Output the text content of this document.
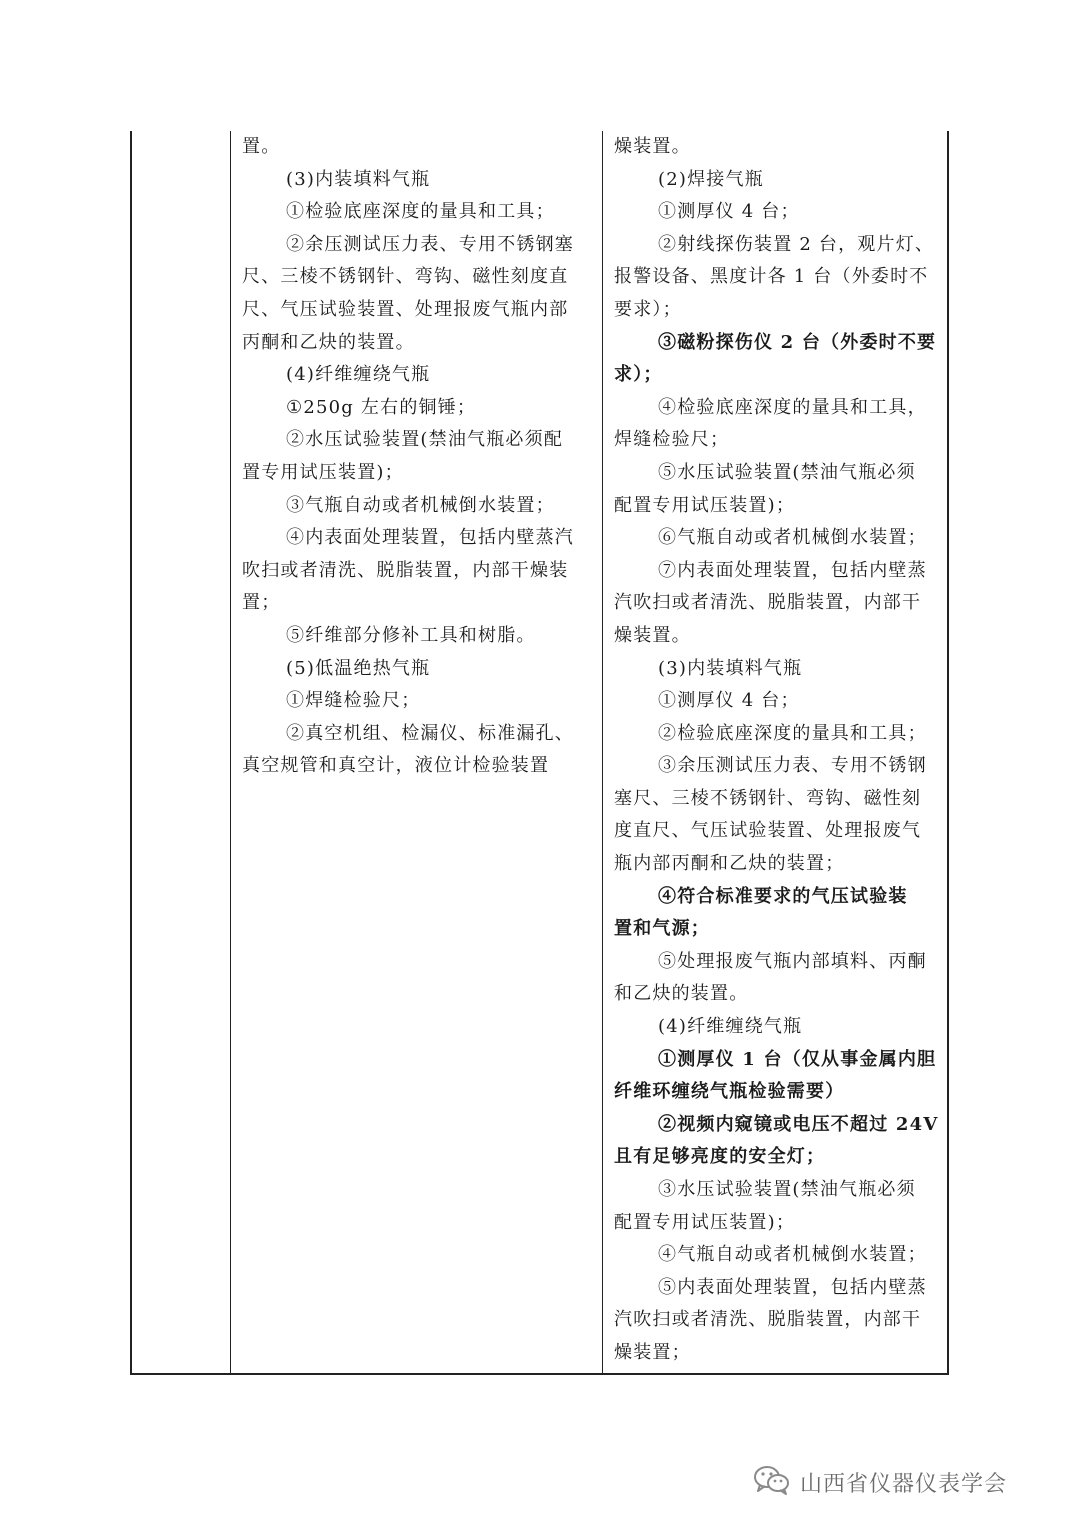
置。
(3)内装填料气瓶
①检验底座深度的量具和工具；
②余压测试压力表、专用不锈钢塞
尺、三棱不锈钢针、弯钩、磁性刻度直
尺、气压试验装置、处理报废气瓶内部
丙酮和乙炔的装置。
(4)纤维缠绕气瓶
①250g 左右的铜锤；
②水压试验装置(禁油气瓶必须配
置专用试压装置)；
③气瓶自动或者机械倒水装置；
④内表面处理装置，包括内壁蒸汽
吹扫或者清洗、脱脂装置，内部干燥装
置；
⑤纤维部分修补工具和树脂。
(5)低温绝热气瓶
①焊缝检验尺；
②真空机组、检漏仪、标准漏孔、
真空规管和真空计，液位计检验装置
燥装置。
(2)焊接气瓶
①测厚仪 4 台；
②射线探伤装置 2 台，观片灯、
报警设备、黑度计各 1 台（外委时不
要求）；
③磁粉探伤仪 2 台（外委时不要
求）；
④检验底座深度的量具和工具，
焊缝检验尺；
⑤水压试验装置(禁油气瓶必须
配置专用试压装置)；
⑥气瓶自动或者机械倒水装置；
⑦内表面处理装置，包括内壁蒸
汽吹扫或者清洗、脱脂装置，内部干
燥装置。
(3)内装填料气瓶
①测厚仪 4 台；
②检验底座深度的量具和工具；
③余压测试压力表、专用不锈钢
塞尺、三棱不锈钢针、弯钩、磁性刻
度直尺、气压试验装置、处理报废气
瓶内部丙酮和乙炔的装置；
④符合标准要求的气压试验装
置和气源；
⑤处理报废气瓶内部填料、丙酮
和乙炔的装置。
(4)纤维缠绕气瓶
①测厚仪 1 台（仅从事金属内胆
纤维环缠绕气瓶检验需要）
②视频内窥镜或电压不超过 24V
且有足够亮度的安全灯；
③水压试验装置(禁油气瓶必须
配置专用试压装置)；
④气瓶自动或者机械倒水装置；
⑤内表面处理装置，包括内壁蒸
汽吹扫或者清洗、脱脂装置，内部干
燥装置；
山西省仪器仪表学会
